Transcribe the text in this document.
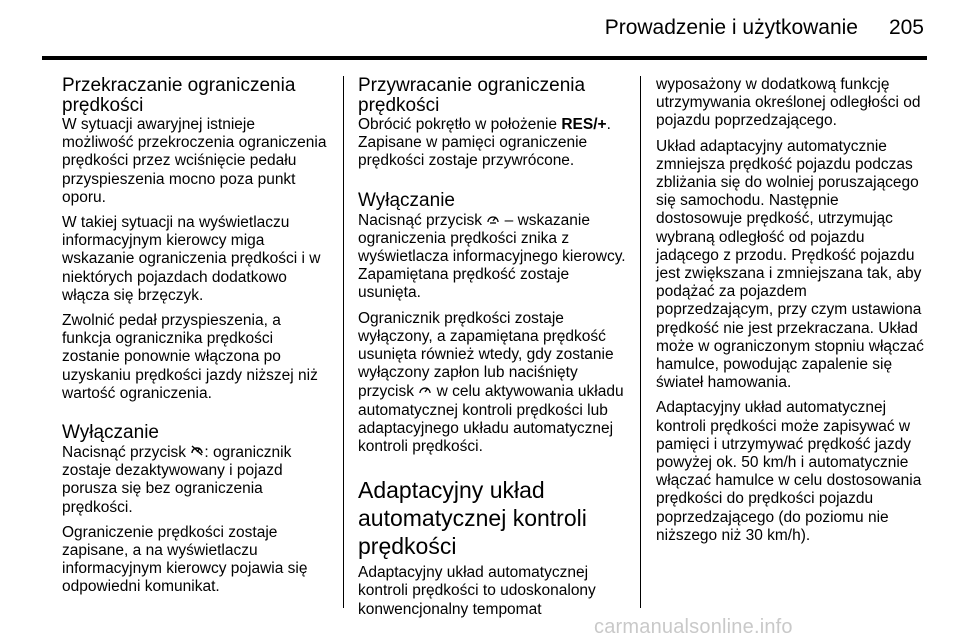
Prowadzenie i użytkowanie	205
Przekraczanie ograniczenia prędkości

W sytuacji awaryjnej istnieje możliwość przekroczenia ograniczenia prędkości przez wciśnięcie pedału przyspieszenia mocno poza punkt oporu.

W takiej sytuacji na wyświetlaczu informacyjnym kierowcy miga wskazanie ograniczenia prędkości i w niektórych pojazdach dodatkowo włącza się brzęczyk.

Zwolnić pedał przyspieszenia, a funkcja ogranicznika prędkości zostanie ponownie włączona po uzyskaniu prędkości jazdy niższej niż wartość ograniczenia.

Wyłączanie

Nacisnąć przycisk : ogranicznik zostaje dezaktywowany i pojazd porusza się bez ograniczenia prędkości.

Ograniczenie prędkości zostaje zapisane, a na wyświetlaczu informacyjnym kierowcy pojawia się odpowiedni komunikat.

Przywracanie ograniczenia prędkości

Obrócić pokrętło w położenie RES/+. Zapisane w pamięci ograniczenie prędkości zostaje przywrócone.

Wyłączanie

Nacisnąć przycisk  – wskazanie ograniczenia prędkości znika z wyświetlacza informacyjnego kierowcy. Zapamiętana prędkość zostaje usunięta.

Ogranicznik prędkości zostaje wyłączony, a zapamiętana prędkość usunięta również wtedy, gdy zostanie wyłączony zapłon lub naciśnięty przycisk  w celu aktywowania układu automatycznej kontroli prędkości lub adaptacyjnego układu automatycznej kontroli prędkości.

Adaptacyjny układ automatycznej kontroli prędkości

Adaptacyjny układ automatycznej kontroli prędkości to udoskonalony konwencjonalny tempomat

wyposażony w dodatkową funkcję utrzymywania określonej odległości od pojazdu poprzedzającego.

Układ adaptacyjny automatycznie zmniejsza prędkość pojazdu podczas zbliżania się do wolniej poruszającego się samochodu. Następnie dostosowuje prędkość, utrzymując wybraną odległość od pojazdu jadącego z przodu. Prędkość pojazdu jest zwiększana i zmniejszana tak, aby podążać za pojazdem poprzedzającym, przy czym ustawiona prędkość nie jest przekraczana. Układ może w ograniczonym stopniu włączać hamulce, powodując zapalenie się świateł hamowania.

Adaptacyjny układ automatycznej kontroli prędkości może zapisywać w pamięci i utrzymywać prędkość jazdy powyżej ok. 50 km/h i automatycznie włączać hamulce w celu dostosowania prędkości do prędkości pojazdu poprzedzającego (do poziomu nie niższego niż 30 km/h).

carmanualsonline.info
